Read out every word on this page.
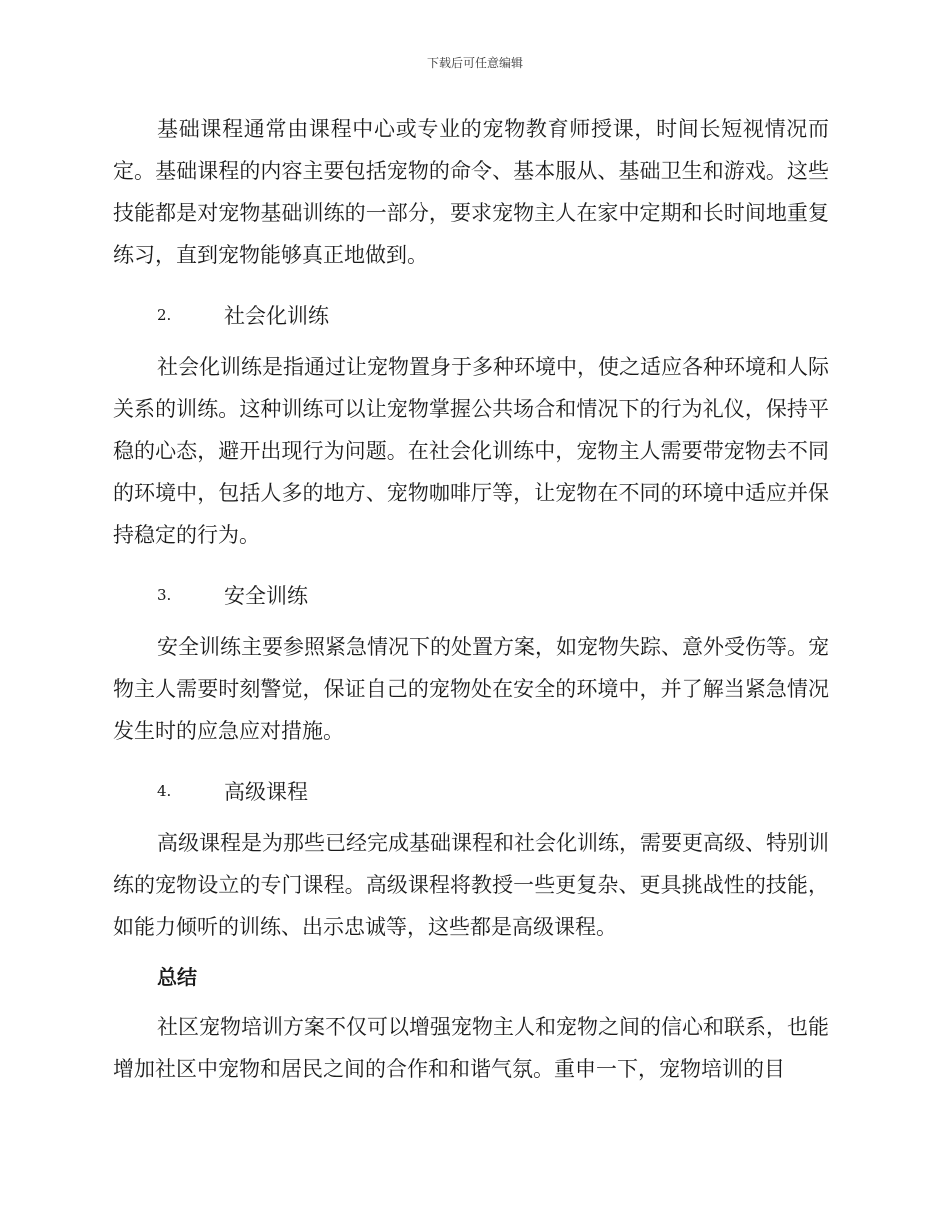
下载后可任意编辑

基础课程通常由课程中心或专业的宠物教育师授课，时间长短视情况而定。基础课程的内容主要包括宠物的命令、基本服从、基础卫生和游戏。这些技能都是对宠物基础训练的一部分，要求宠物主人在家中定期和长时间地重复练习，直到宠物能够真正地做到。

2.	社会化训练

社会化训练是指通过让宠物置身于多种环境中，使之适应各种环境和人际关系的训练。这种训练可以让宠物掌握公共场合和情况下的行为礼仪，保持平稳的心态，避开出现行为问题。在社会化训练中，宠物主人需要带宠物去不同的环境中，包括人多的地方、宠物咖啡厅等，让宠物在不同的环境中适应并保持稳定的行为。

3.	安全训练

安全训练主要参照紧急情况下的处置方案，如宠物失踪、意外受伤等。宠物主人需要时刻警觉，保证自己的宠物处在安全的环境中，并了解当紧急情况发生时的应急应对措施。

4.	高级课程

高级课程是为那些已经完成基础课程和社会化训练，需要更高级、特别训练的宠物设立的专门课程。高级课程将教授一些更复杂、更具挑战性的技能，如能力倾听的训练、出示忠诚等，这些都是高级课程。

总结

社区宠物培训方案不仅可以增强宠物主人和宠物之间的信心和联系，也能增加社区中宠物和居民之间的合作和和谐气氛。重申一下，宠物培训的目
